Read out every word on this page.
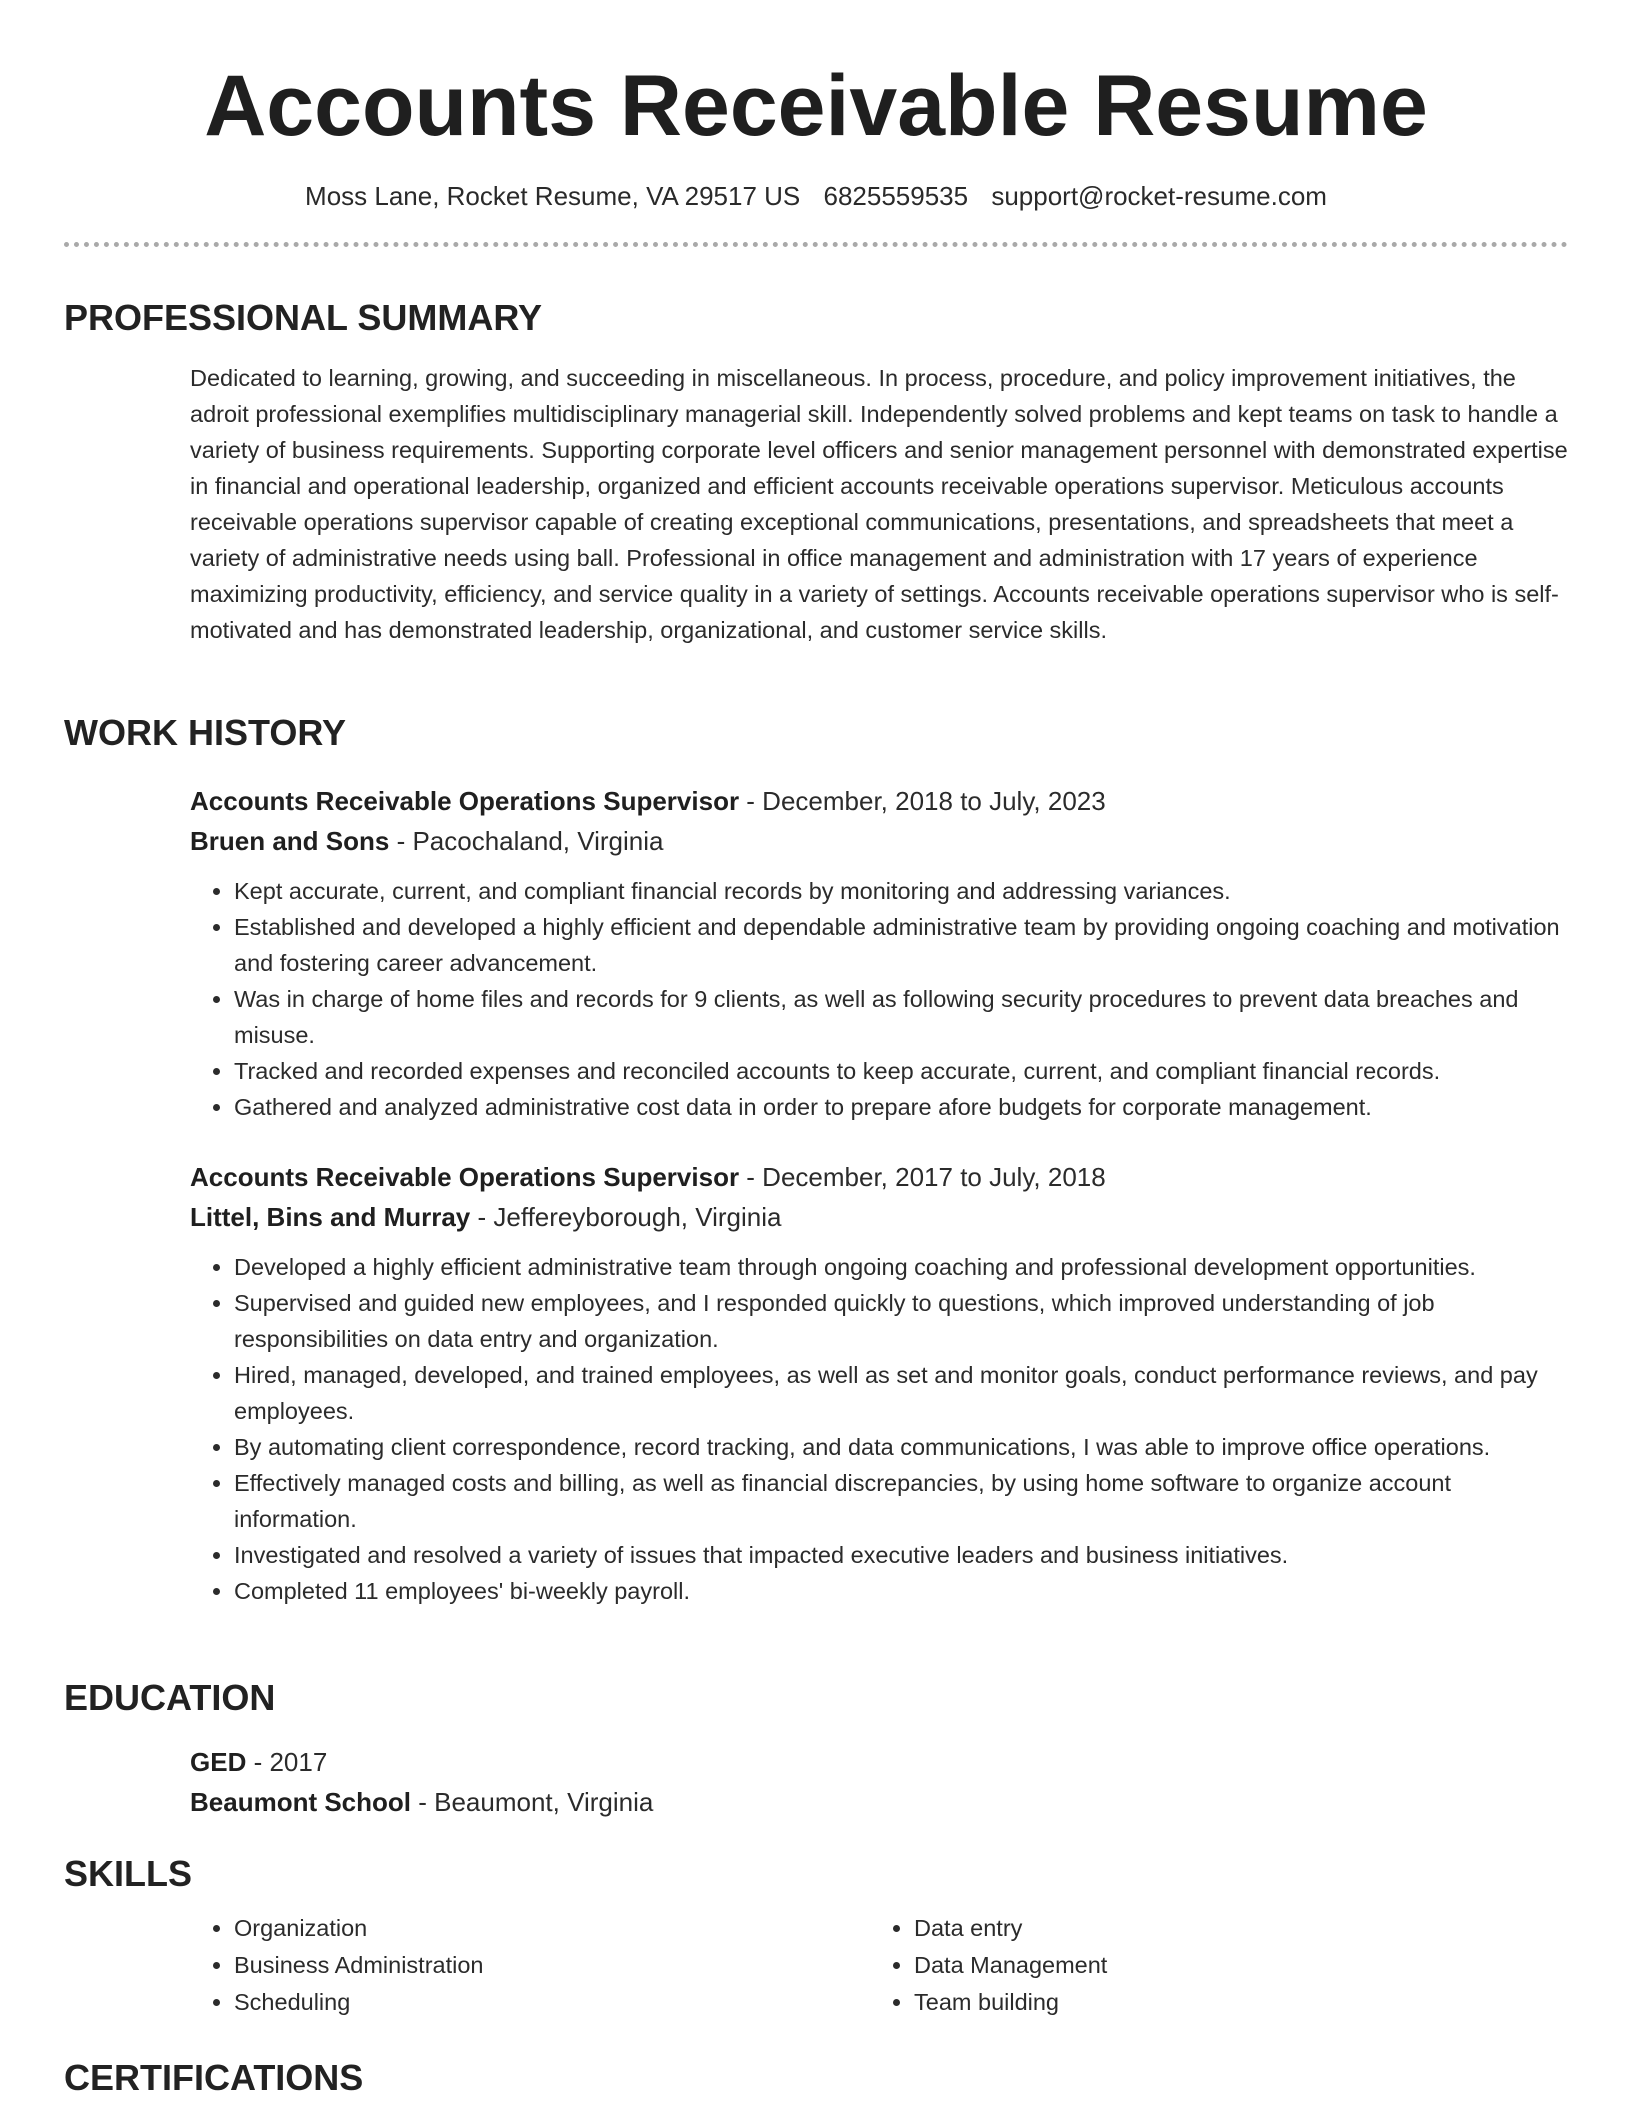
Accounts Receivable Resume
Moss Lane, Rocket Resume, VA 29517 US 6825559535 support@rocket-resume.com
PROFESSIONAL SUMMARY
Dedicated to learning, growing, and succeeding in miscellaneous. In process, procedure, and policy improvement initiatives, the adroit professional exemplifies multidisciplinary managerial skill. Independently solved problems and kept teams on task to handle a variety of business requirements. Supporting corporate level officers and senior management personnel with demonstrated expertise in financial and operational leadership, organized and efficient accounts receivable operations supervisor. Meticulous accounts receivable operations supervisor capable of creating exceptional communications, presentations, and spreadsheets that meet a variety of administrative needs using ball. Professional in office management and administration with 17 years of experience maximizing productivity, efficiency, and service quality in a variety of settings. Accounts receivable operations supervisor who is self-motivated and has demonstrated leadership, organizational, and customer service skills.
WORK HISTORY
Accounts Receivable Operations Supervisor - December, 2018 to July, 2023
Bruen and Sons - Pacochaland, Virginia
• Kept accurate, current, and compliant financial records by monitoring and addressing variances.
• Established and developed a highly efficient and dependable administrative team by providing ongoing coaching and motivation and fostering career advancement.
• Was in charge of home files and records for 9 clients, as well as following security procedures to prevent data breaches and misuse.
• Tracked and recorded expenses and reconciled accounts to keep accurate, current, and compliant financial records.
• Gathered and analyzed administrative cost data in order to prepare afore budgets for corporate management.
Accounts Receivable Operations Supervisor - December, 2017 to July, 2018
Littel, Bins and Murray - Jeffereyborough, Virginia
• Developed a highly efficient administrative team through ongoing coaching and professional development opportunities.
• Supervised and guided new employees, and I responded quickly to questions, which improved understanding of job responsibilities on data entry and organization.
• Hired, managed, developed, and trained employees, as well as set and monitor goals, conduct performance reviews, and pay employees.
• By automating client correspondence, record tracking, and data communications, I was able to improve office operations.
• Effectively managed costs and billing, as well as financial discrepancies, by using home software to organize account information.
• Investigated and resolved a variety of issues that impacted executive leaders and business initiatives.
• Completed 11 employees' bi-weekly payroll.
EDUCATION
GED - 2017
Beaumont School - Beaumont, Virginia
SKILLS
• Organization
• Business Administration
• Scheduling
• Data entry
• Data Management
• Team building
CERTIFICATIONS
